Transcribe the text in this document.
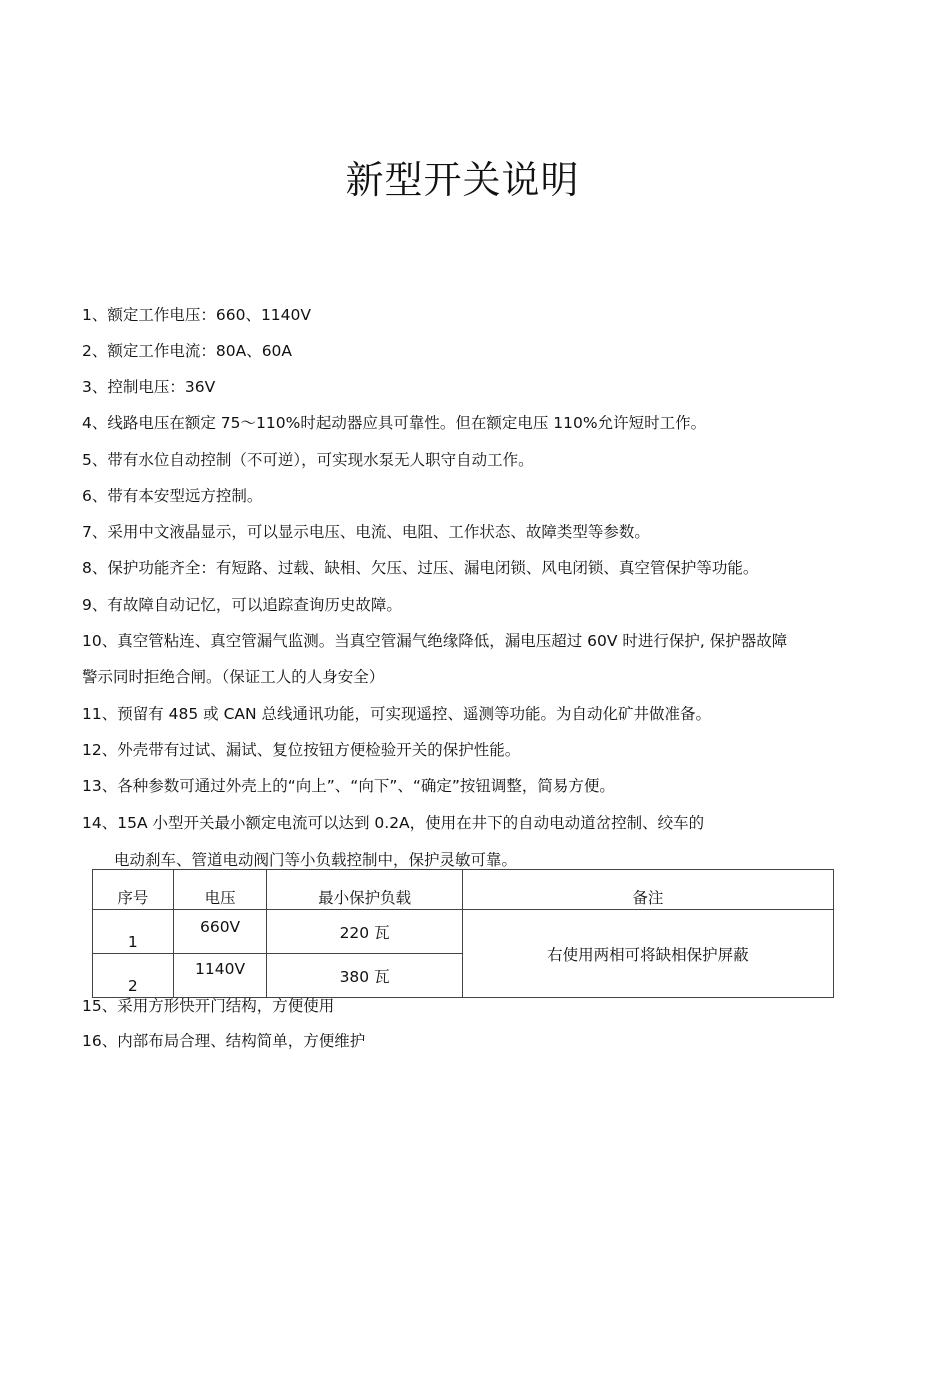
新型开关说明
1、额定工作电压：660、1140V
2、额定工作电流：80A、60A
3、控制电压：36V
4、线路电压在额定 75～110%时起动器应具可靠性。但在额定电压 110%允许短时工作。
5、带有水位自动控制（不可逆），可实现水泵无人职守自动工作。
6、带有本安型远方控制。
7、采用中文液晶显示，可以显示电压、电流、电阻、工作状态、故障类型等参数。
8、保护功能齐全：有短路、过载、缺相、欠压、过压、漏电闭锁、风电闭锁、真空管保护等功能。
9、有故障自动记忆，可以追踪查询历史故障。
10、真空管粘连、真空管漏气监测。当真空管漏气绝缘降低，漏电压超过 60V 时进行保护, 保护器故障
警示同时拒绝合闸。（保证工人的人身安全）
11、预留有 485 或 CAN 总线通讯功能，可实现遥控、遥测等功能。为自动化矿井做准备。
12、外壳带有过试、漏试、复位按钮方便检验开关的保护性能。
13、各种参数可通过外壳上的“向上”、“向下”、“确定”按钮调整，简易方便。
14、15A 小型开关最小额定电流可以达到 0.2A，使用在井下的自动电动道岔控制、绞车的
电动刹车、管道电动阀门等小负载控制中，保护灵敏可靠。
序号	电压	最小保护负载	备注
1	660V	220 瓦	右使用两相可将缺相保护屏蔽
2	1140V	380 瓦	
15、采用方形快开门结构，方便使用
16、内部布局合理、结构简单，方便维护
